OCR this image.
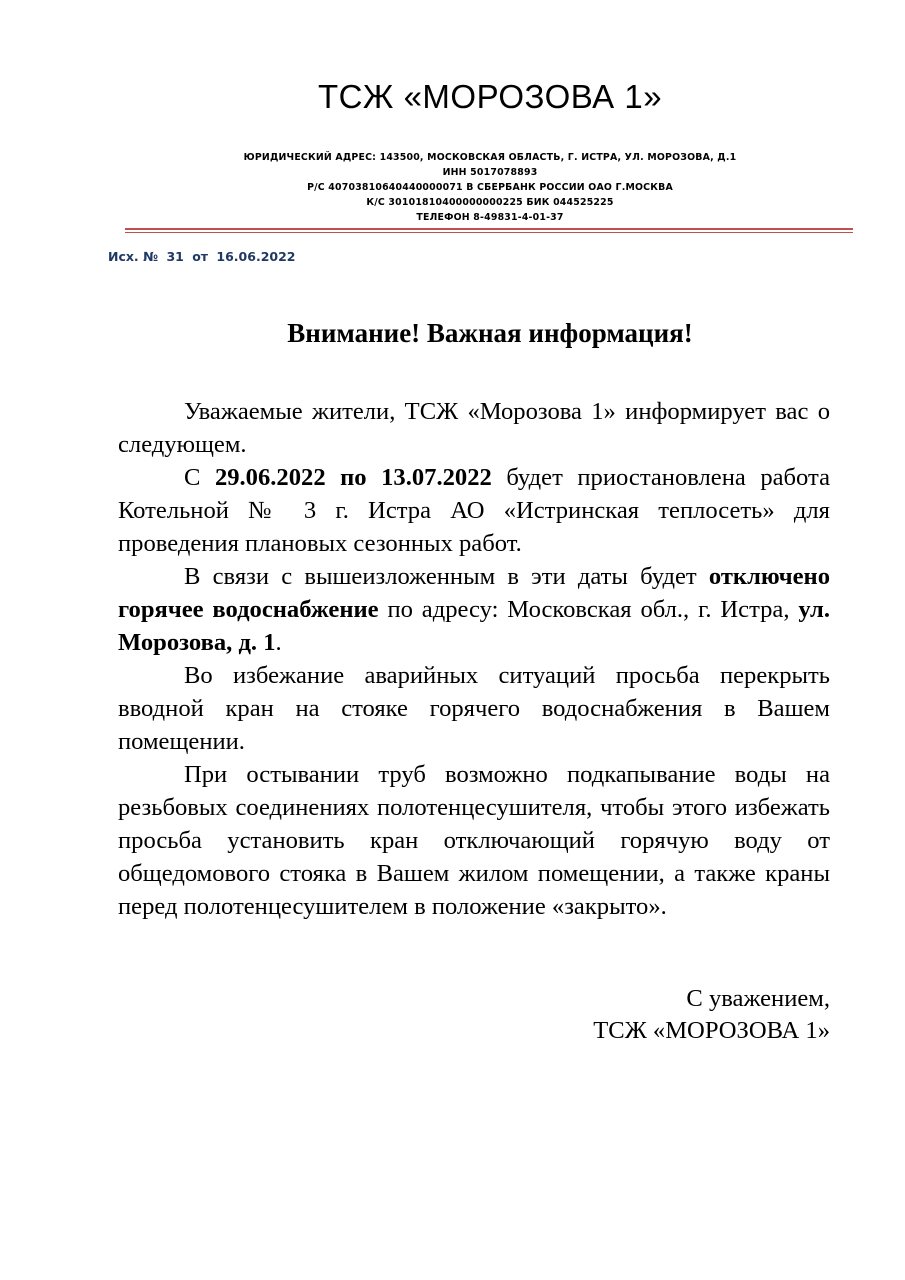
ТСЖ «МОРОЗОВА 1»
ЮРИДИЧЕСКИЙ АДРЕС: 143500, МОСКОВСКАЯ ОБЛАСТЬ, Г. ИСТРА, УЛ. МОРОЗОВА, Д.1
ИНН 5017078893
Р/С 40703810640440000071 В СБЕРБАНК РОССИИ ОАО Г.МОСКВА
К/С 30101810400000000225 БИК 044525225
ТЕЛЕФОН 8-49831-4-01-37
Исх. № 31 от 16.06.2022
Внимание! Важная информация!

Уважаемые жители, ТСЖ «Морозова 1» информирует вас о следующем.

С 29.06.2022 по 13.07.2022 будет приостановлена работа Котельной № 3 г. Истра АО «Истринская теплосеть» для проведения плановых сезонных работ.

В связи с вышеизложенным в эти даты будет отключено горячее водоснабжение по адресу: Московская обл., г. Истра, ул. Морозова, д. 1.

Во избежание аварийных ситуаций просьба перекрыть вводной кран на стояке горячего водоснабжения в Вашем помещении.

При остывании труб возможно подкапывание воды на резьбовых соединениях полотенцесушителя, чтобы этого избежать просьба установить кран отключающий горячую воду от общедомового стояка в Вашем жилом помещении, а также краны перед полотенцесушителем в положение «закрыто».

С уважением,
ТСЖ «МОРОЗОВА 1»
